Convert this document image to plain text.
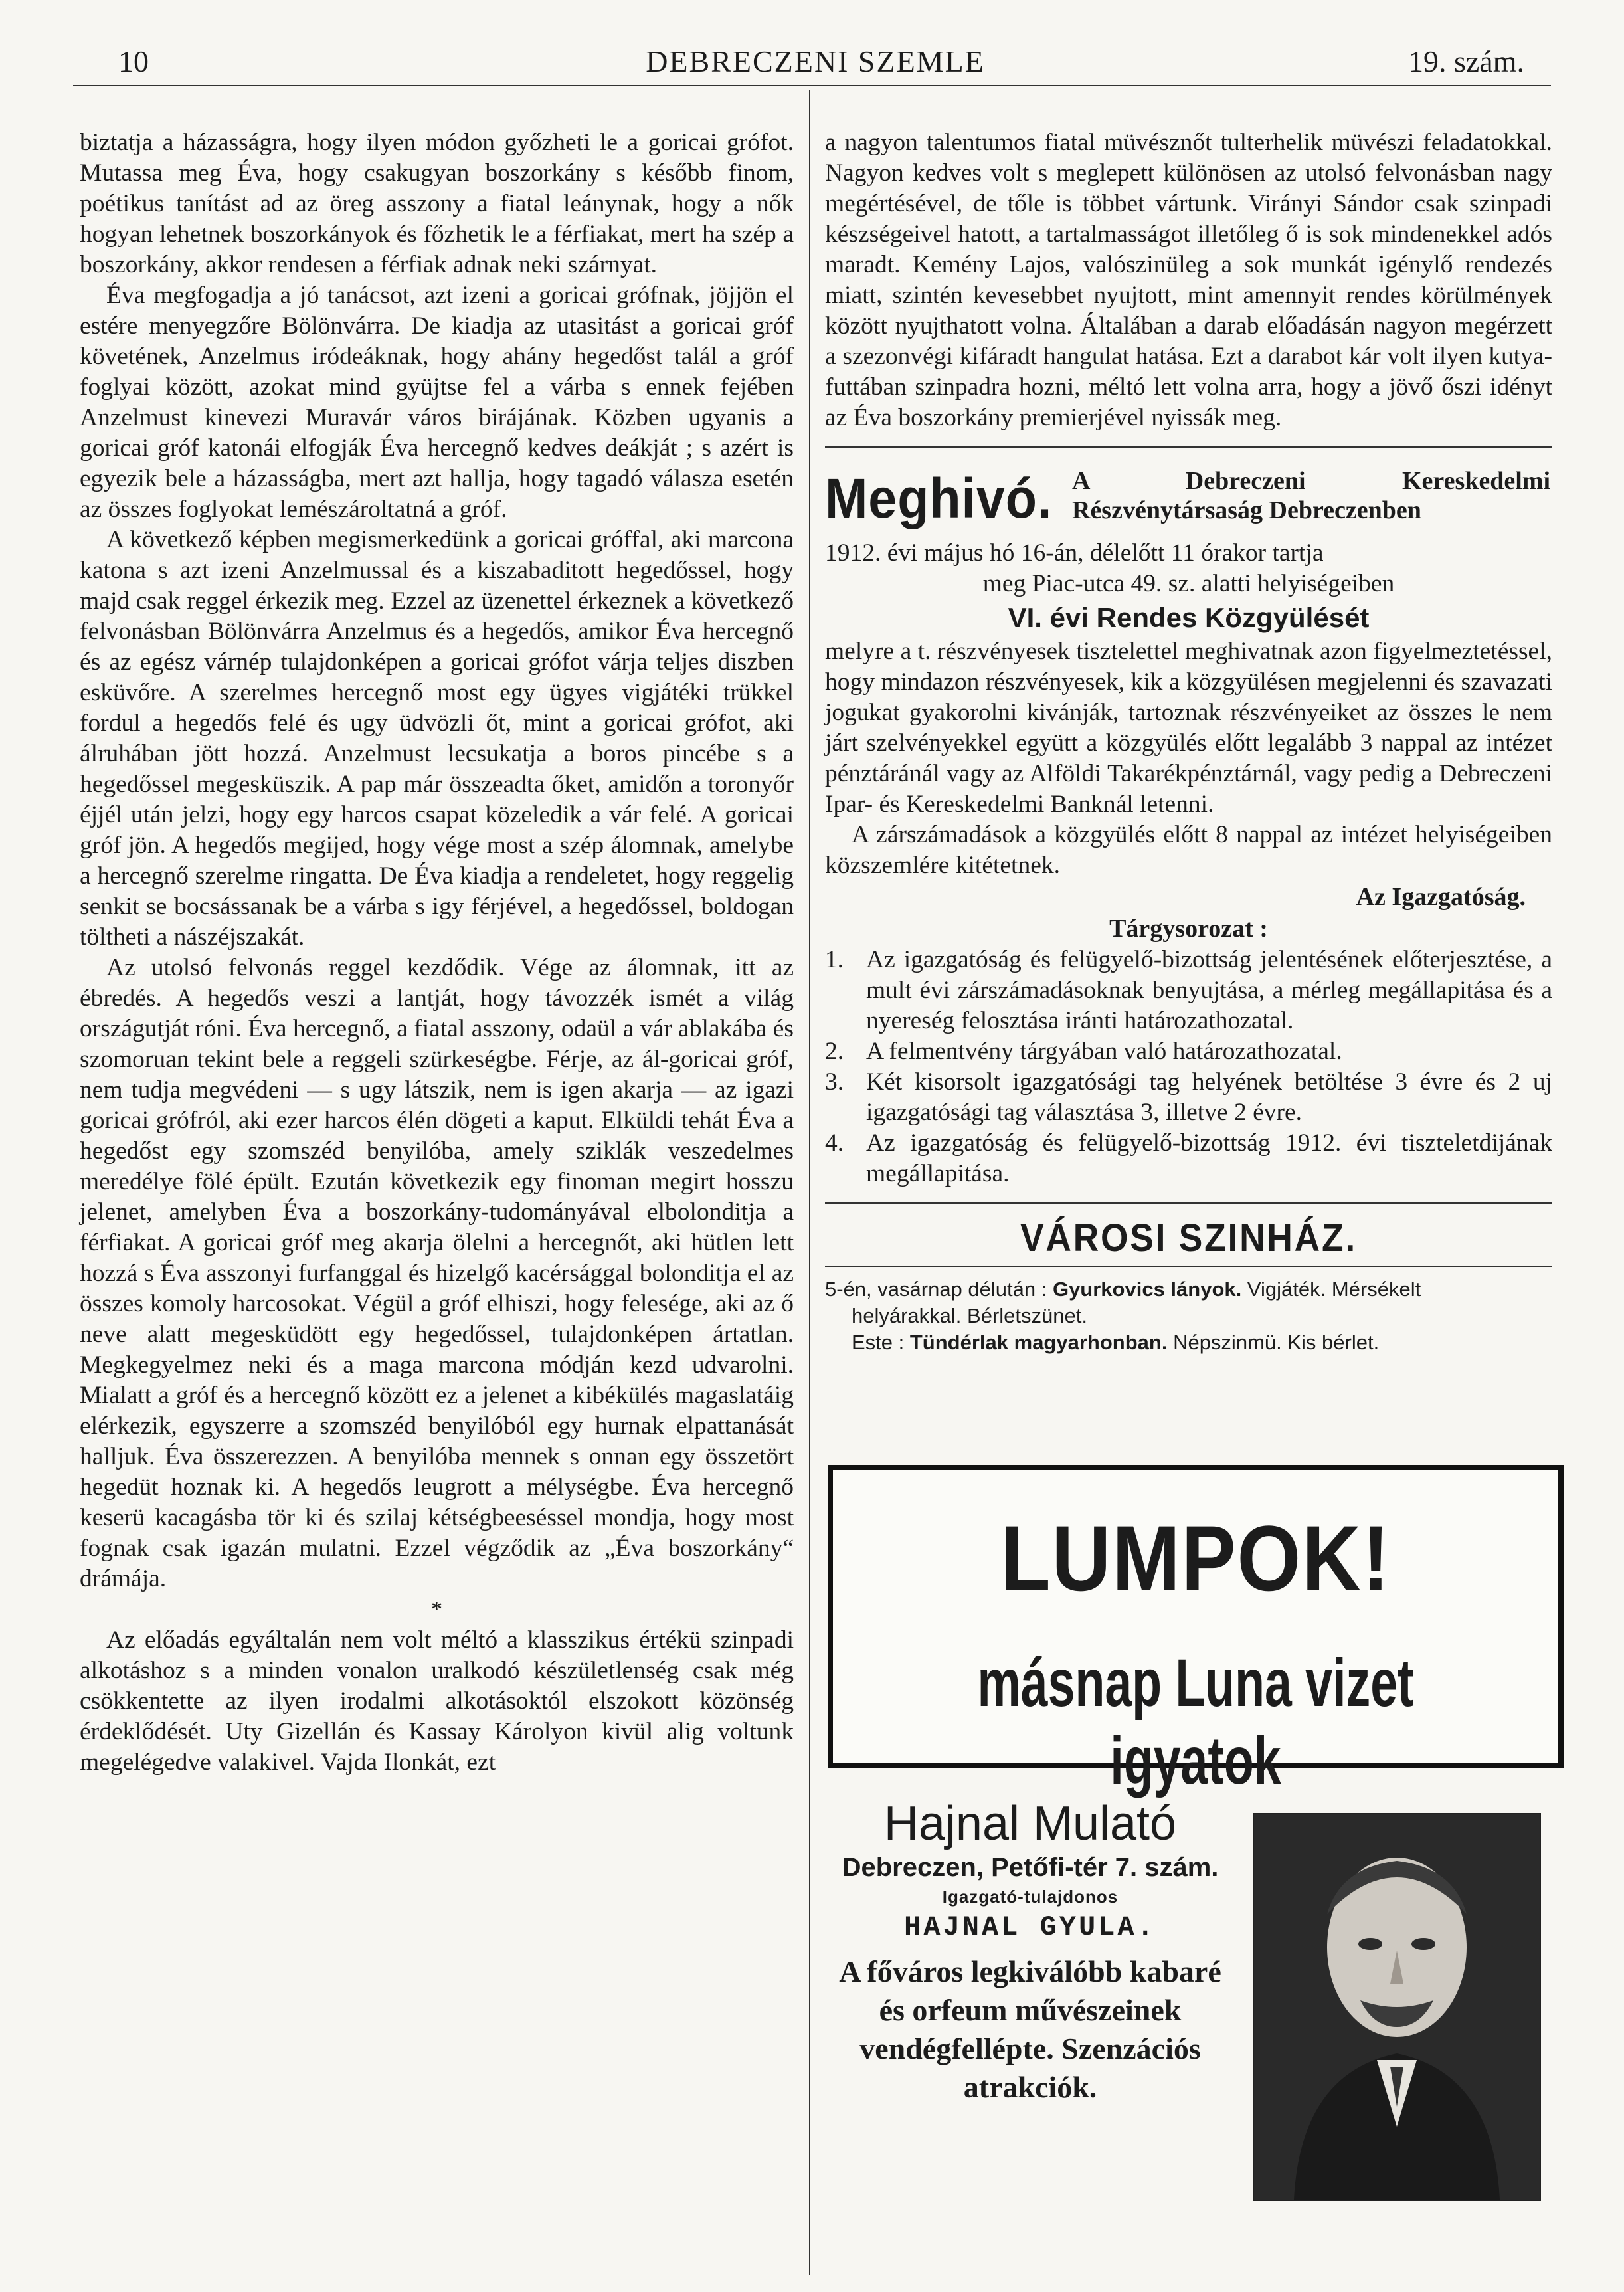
10	DEBRECZENI SZEMLE	19. szám.

biztatja a házasságra, hogy ilyen módon győzheti le a goricai grófot. Mutassa meg Éva, hogy csakugyan boszorkány s később finom, poétikus tanítást ad az öreg asszony a fiatal leánynak, hogy a nők hogyan lehetnek boszorkányok és főzhetik le a férfiakat, mert ha szép a boszorkány, akkor rendesen a férfiak adnak neki szárnyat.

Éva megfogadja a jó tanácsot, azt izeni a goricai grófnak, jöjjön el estére menyegzőre Bölönvárra. De kiadja az utasitást a goricai gróf követének, Anzelmus iródeáknak, hogy ahány hegedőst talál a gróf foglyai között, azokat mind gyüjtse fel a várba s ennek fejében Anzelmust kinevezi Muravár város birájának. Közben ugyanis a goricai gróf katonái elfogják Éva hercegnő kedves deákját ; s azért is egyezik bele a házasságba, mert azt hallja, hogy tagadó válasza esetén az összes foglyokat lemészároltatná a gróf.

A következő képben megismerkedünk a goricai gróffal, aki marcona katona s azt izeni Anzelmussal és a kiszabaditott hegedőssel, hogy majd csak reggel érkezik meg. Ezzel az üzenettel érkeznek a következő felvonásban Bölönvárra Anzelmus és a hegedős, amikor Éva hercegnő és az egész várnép tulajdonképen a goricai grófot várja teljes diszben esküvőre. A szerelmes hercegnő most egy ügyes vigjátéki trükkel fordul a hegedős felé és ugy üdvözli őt, mint a goricai grófot, aki álruhában jött hozzá. Anzelmust lecsukatja a boros pincébe s a hegedőssel megesküszik. A pap már összeadta őket, amidőn a toronyőr éjjél után jelzi, hogy egy harcos csapat közeledik a vár felé. A goricai gróf jön. A hegedős megijed, hogy vége most a szép álomnak, amelybe a hercegnő szerelme ringatta. De Éva kiadja a rendeletet, hogy reggelig senkit se bocsássanak be a várba s igy férjével, a hegedőssel, boldogan töltheti a nászéjszakát.

Az utolsó felvonás reggel kezdődik. Vége az álomnak, itt az ébredés. A hegedős veszi a lantját, hogy távozzék ismét a világ országutját róni. Éva hercegnő, a fiatal asszony, odaül a vár ablakába és szomoruan tekint bele a reggeli szürkeségbe. Férje, az ál-goricai gróf, nem tudja megvédeni — s ugy látszik, nem is igen akarja — az igazi goricai grófról, aki ezer harcos élén dögeti a kaput. Elküldi tehát Éva a hegedőst egy szomszéd benyilóba, amely sziklák veszedelmes meredélye fölé épült. Ezután következik egy finoman megirt hosszu jelenet, amelyben Éva a boszorkány-tudományával elbolonditja a férfiakat. A goricai gróf meg akarja ölelni a hercegnőt, aki hütlen lett hozzá s Éva asszonyi furfanggal és hizelgő kacérsággal bolonditja el az összes komoly harcosokat. Végül a gróf elhiszi, hogy felesége, aki az ő neve alatt megesküdött egy hegedőssel, tulajdonképen ártatlan. Megkegyelmez neki és a maga marcona módján kezd udvarolni. Mialatt a gróf és a hercegnő között ez a jelenet a kibékülés magaslatáig elérkezik, egyszerre a szomszéd benyilóból egy hurnak elpattanását halljuk. Éva összerezzen. A benyilóba mennek s onnan egy összetört hegedüt hoznak ki. A hegedős leugrott a mélységbe. Éva hercegnő keserü kacagásba tör ki és szilaj kétségbeeséssel mondja, hogy most fognak csak igazán mulatni. Ezzel végződik az „Éva boszorkány“ drámája.

*

Az előadás egyáltalán nem volt méltó a klasszikus értékü szinpadi alkotáshoz s a minden vonalon uralkodó készületlenség csak még csökkentette az ilyen irodalmi alkotásoktól elszokott közönség érdeklődését. Uty Gizellán és Kassay Károlyon kivül alig voltunk megelégedve valakivel. Vajda Ilonkát, ezt

a nagyon talentumos fiatal müvésznőt tulterhelik müvészi feladatokkal. Nagyon kedves volt s meglepett különösen az utolsó felvonásban nagy megértésével, de tőle is többet vártunk. Virányi Sándor csak szinpadi készségeivel hatott, a tartalmasságot illetőleg ő is sok mindenekkel adós maradt. Kemény Lajos, valószinüleg a sok munkát igénylő rendezés miatt, szintén kevesebbet nyujtott, mint amennyit rendes körülmények között nyujthatott volna. Általában a darab előadásán nagyon megérzett a szezonvégi kifáradt hangulat hatása. Ezt a darabot kár volt ilyen kutya-futtában szinpadra hozni, méltó lett volna arra, hogy a jövő őszi idényt az Éva boszorkány premierjével nyissák meg.

Meghivó. A Debreczeni Kereskedelmi Részvénytársaság Debreczenben
1912. évi május hó 16-án, délelőtt 11 órakor tartja
meg Piac-utca 49. sz. alatti helyiségeiben
VI. évi Rendes Közgyülését

melyre a t. részvényesek tisztelettel meghivatnak azon figyelmeztetéssel, hogy mindazon részvényesek, kik a közgyülésen megjelenni és szavazati jogukat gyakorolni kivánják, tartoznak részvényeiket az összes le nem járt szelvényekkel együtt a közgyülés előtt legalább 3 nappal az intézet pénztáránál vagy az Alföldi Takarékpénztárnál, vagy pedig a Debreczeni Ipar- és Kereskedelmi Banknál letenni.

A zárszámadások a közgyülés előtt 8 nappal az intézet helyiségeiben közszemlére kitétetnek.

Az Igazgatóság.
Tárgysorozat :
1. Az igazgatóság és felügyelő-bizottság jelentésének előterjesztése, a mult évi zárszámadásoknak benyujtása, a mérleg megállapitása és a nyereség felosztása iránti határozathozatal.
2. A felmentvény tárgyában való határozathozatal.
3. Két kisorsolt igazgatósági tag helyének betöltése 3 évre és 2 uj igazgatósági tag választása 3, illetve 2 évre.
4. Az igazgatóság és felügyelő-bizottság 1912. évi tiszteletdijának megállapitása.
VÁROSI SZINHÁZ.
5-én, vasárnap délután : Gyurkovics lányok. Vigjáték. Mérsékelt
helyárakkal. Bérletszünet.
Este : Tündérlak magyarhonban. Népszinmü. Kis bérlet.
LUMPOK!
másnap Luna vizet igyatok
Hajnal Mulató
Debreczen, Petőfi-tér 7. szám.
Igazgató-tulajdonos
HAJNAL GYULA.
A főváros legkiválóbb kabaré és orfeum művészeinek vendégfellépte. Szenzációs atrakciók.
